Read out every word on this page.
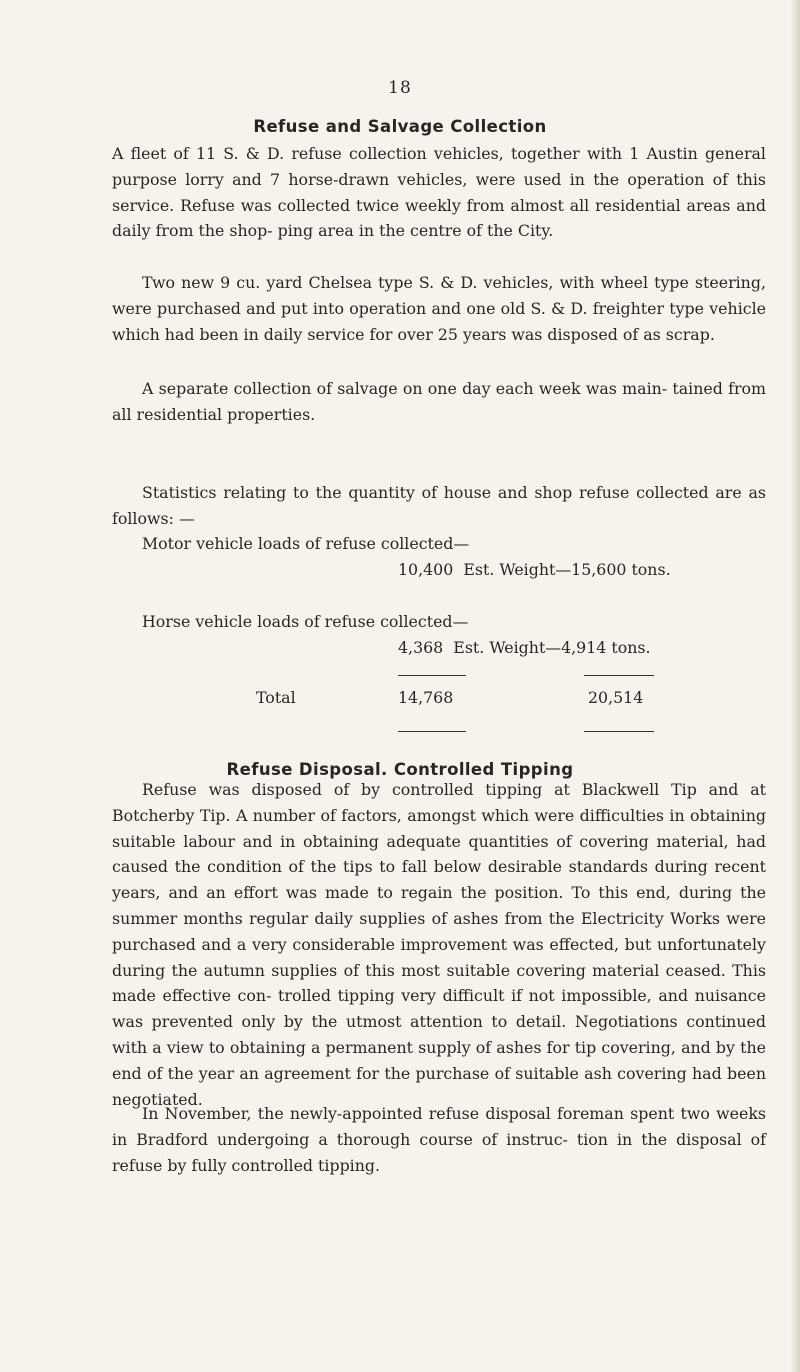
18
Refuse and Salvage Collection

A fleet of 11 S. & D. refuse collection vehicles, together with 1 Austin general purpose lorry and 7 horse-drawn vehicles, were used in the operation of this service. Refuse was collected twice weekly from almost all residential areas and daily from the shop- ping area in the centre of the City.

Two new 9 cu. yard Chelsea type S. & D. vehicles, with wheel type steering, were purchased and put into operation and one old S. & D. freighter type vehicle which had been in daily service for over 25 years was disposed of as scrap.

A separate collection of salvage on one day each week was main- tained from all residential properties.

Statistics relating to the quantity of house and shop refuse collected are as follows: —

Motor vehicle loads of refuse collected—
10,400 Est. Weight—15,600 tons.
Horse vehicle loads of refuse collected—
4,368 Est. Weight—4,914 tons.
Total	14,768	20,514
Refuse Disposal. Controlled Tipping

Refuse was disposed of by controlled tipping at Blackwell Tip and at Botcherby Tip. A number of factors, amongst which were difficulties in obtaining suitable labour and in obtaining adequate quantities of covering material, had caused the condition of the tips to fall below desirable standards during recent years, and an effort was made to regain the position. To this end, during the summer months regular daily supplies of ashes from the Electricity Works were purchased and a very considerable improvement was effected, but unfortunately during the autumn supplies of this most suitable covering material ceased. This made effective con- trolled tipping very difficult if not impossible, and nuisance was prevented only by the utmost attention to detail. Negotiations continued with a view to obtaining a permanent supply of ashes for tip covering, and by the end of the year an agreement for the purchase of suitable ash covering had been negotiated.

In November, the newly-appointed refuse disposal foreman spent two weeks in Bradford undergoing a thorough course of instruc- tion in the disposal of refuse by fully controlled tipping.
